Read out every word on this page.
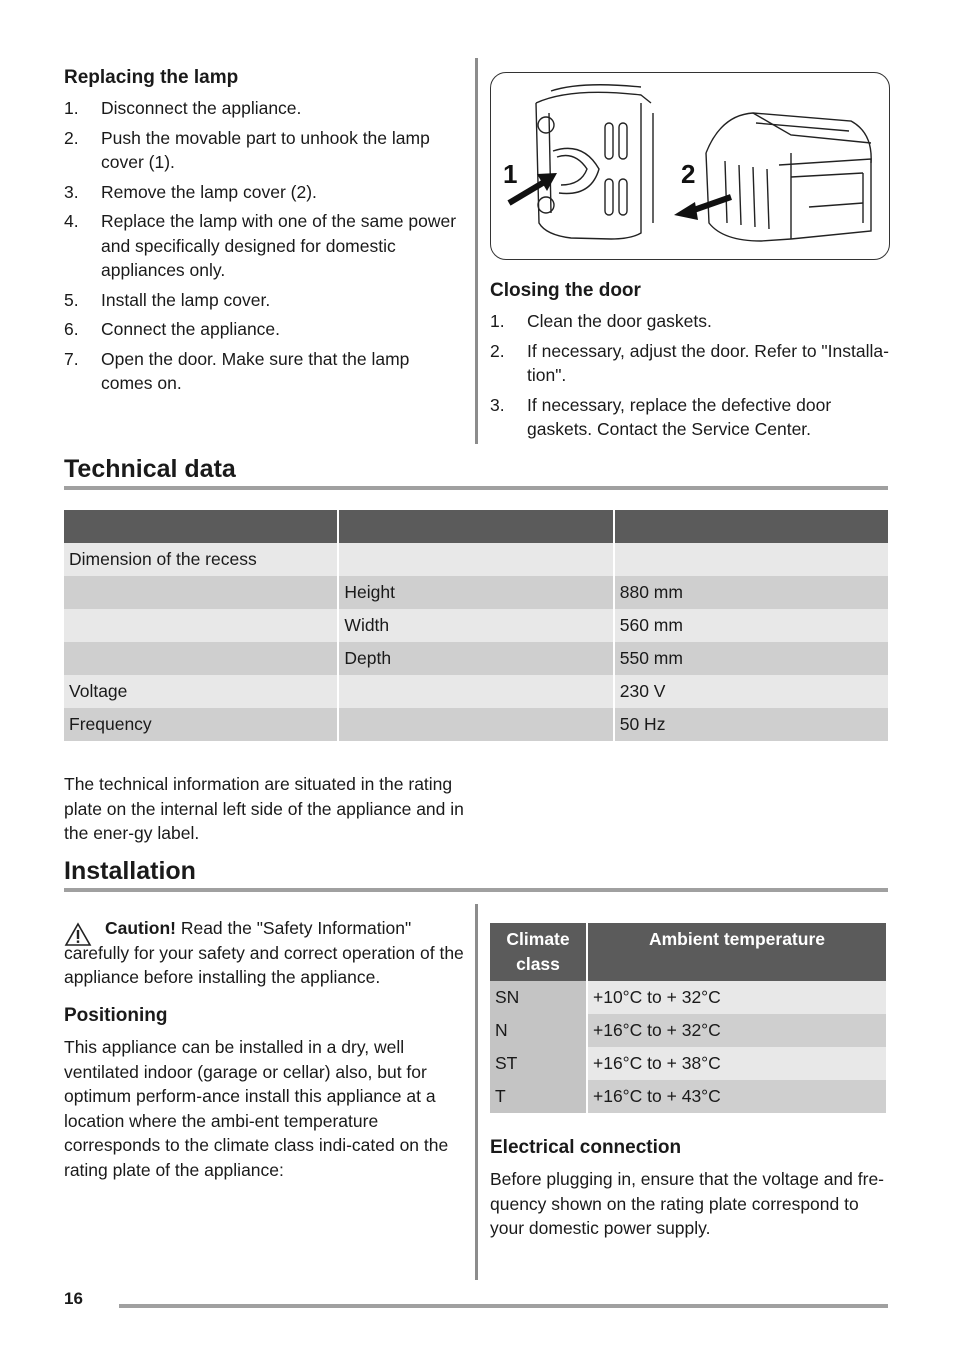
Replacing the lamp
1. Disconnect the appliance.
2. Push the movable part to unhook the lamp cover (1).
3. Remove the lamp cover (2).
4. Replace the lamp with one of the same power and specifically designed for domestic appliances only.
5. Install the lamp cover.
6. Connect the appliance.
7. Open the door. Make sure that the lamp comes on.
1	2
Closing the door
1. Clean the door gaskets.
2. If necessary, adjust the door. Refer to "Installa-tion".
3. If necessary, replace the defective door gaskets. Contact the Service Center.
Technical data

Dimension of the recess		
	Height	880 mm
	Width	560 mm
	Depth	550 mm
Voltage		230 V
Frequency		50 Hz

The technical information are situated in the rating plate on the internal left side of the appliance and in the ener-gy label.

Installation

Caution! Read the "Safety Information" carefully for your safety and correct operation of the appliance before installing the appliance.

Positioning

This appliance can be installed in a dry, well ventilated indoor (garage or cellar) also, but for optimum perform-ance install this appliance at a location where the ambi-ent temperature corresponds to the climate class indi-cated on the rating plate of the appliance:

Climate class	Ambient temperature
SN	+10°C to + 32°C
N	+16°C to + 32°C
ST	+16°C to + 38°C
T	+16°C to + 43°C
Electrical connection

Before plugging in, ensure that the voltage and fre-quency shown on the rating plate correspond to your domestic power supply.

16
